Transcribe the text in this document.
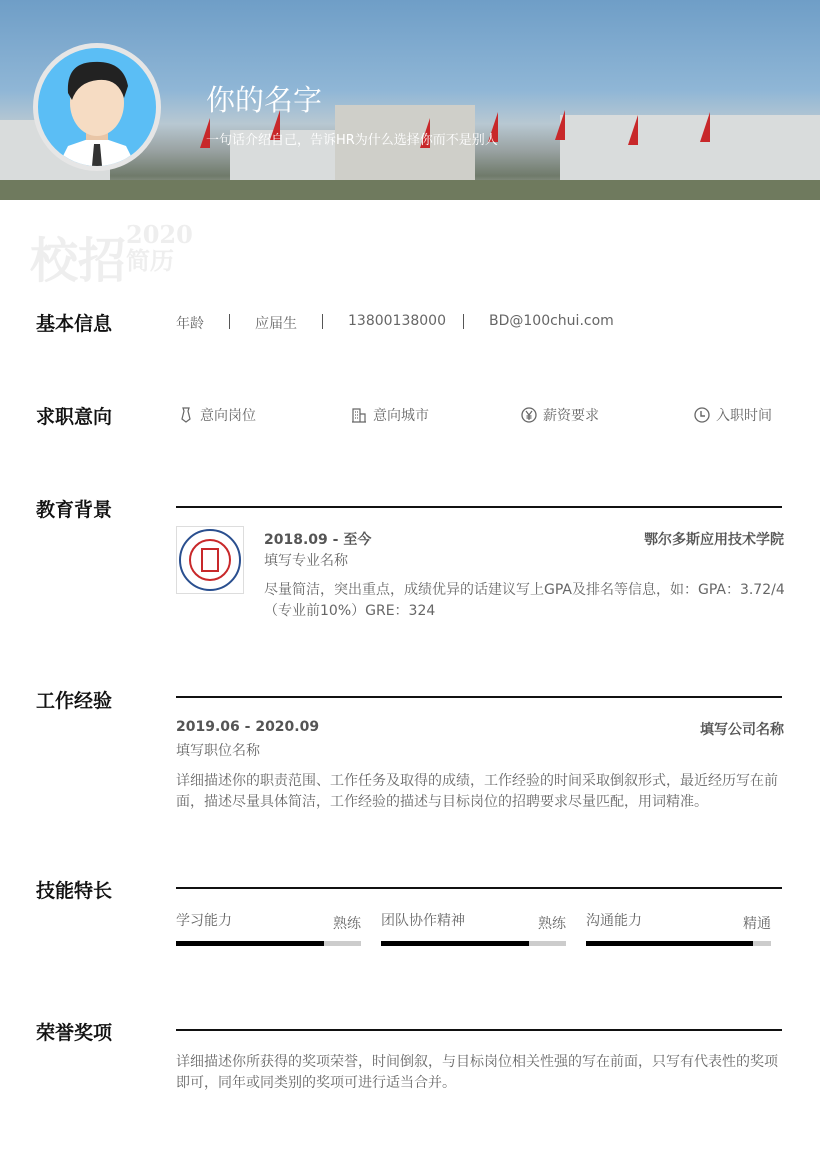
你的名字
一句话介绍自己，告诉HR为什么选择你而不是别人
校招2020
简历
基本信息	年龄	应届生	13800138000	BD@100chui.com
求职意向	意向岗位	意向城市	薪资要求	入职时间
教育背景
2018.09 - 至今	鄂尔多斯应用技术学院
填写专业名称
尽量简洁，突出重点，成绩优异的话建议写上GPA及排名等信息，如：GPA：3.72/4（专业前10%）GRE：324
工作经验
2019.06 - 2020.09	填写公司名称
填写职位名称
详细描述你的职责范围、工作任务及取得的成绩，工作经验的时间采取倒叙形式，最近经历写在前面，描述尽量具体简洁，工作经验的描述与目标岗位的招聘要求尽量匹配，用词精准。
技能特长
学习能力	熟练 团队协作精神	熟练 沟通能力	精通
荣誉奖项
详细描述你所获得的奖项荣誉，时间倒叙，与目标岗位相关性强的写在前面，只写有代表性的奖项即可，同年或同类别的奖项可进行适当合并。
